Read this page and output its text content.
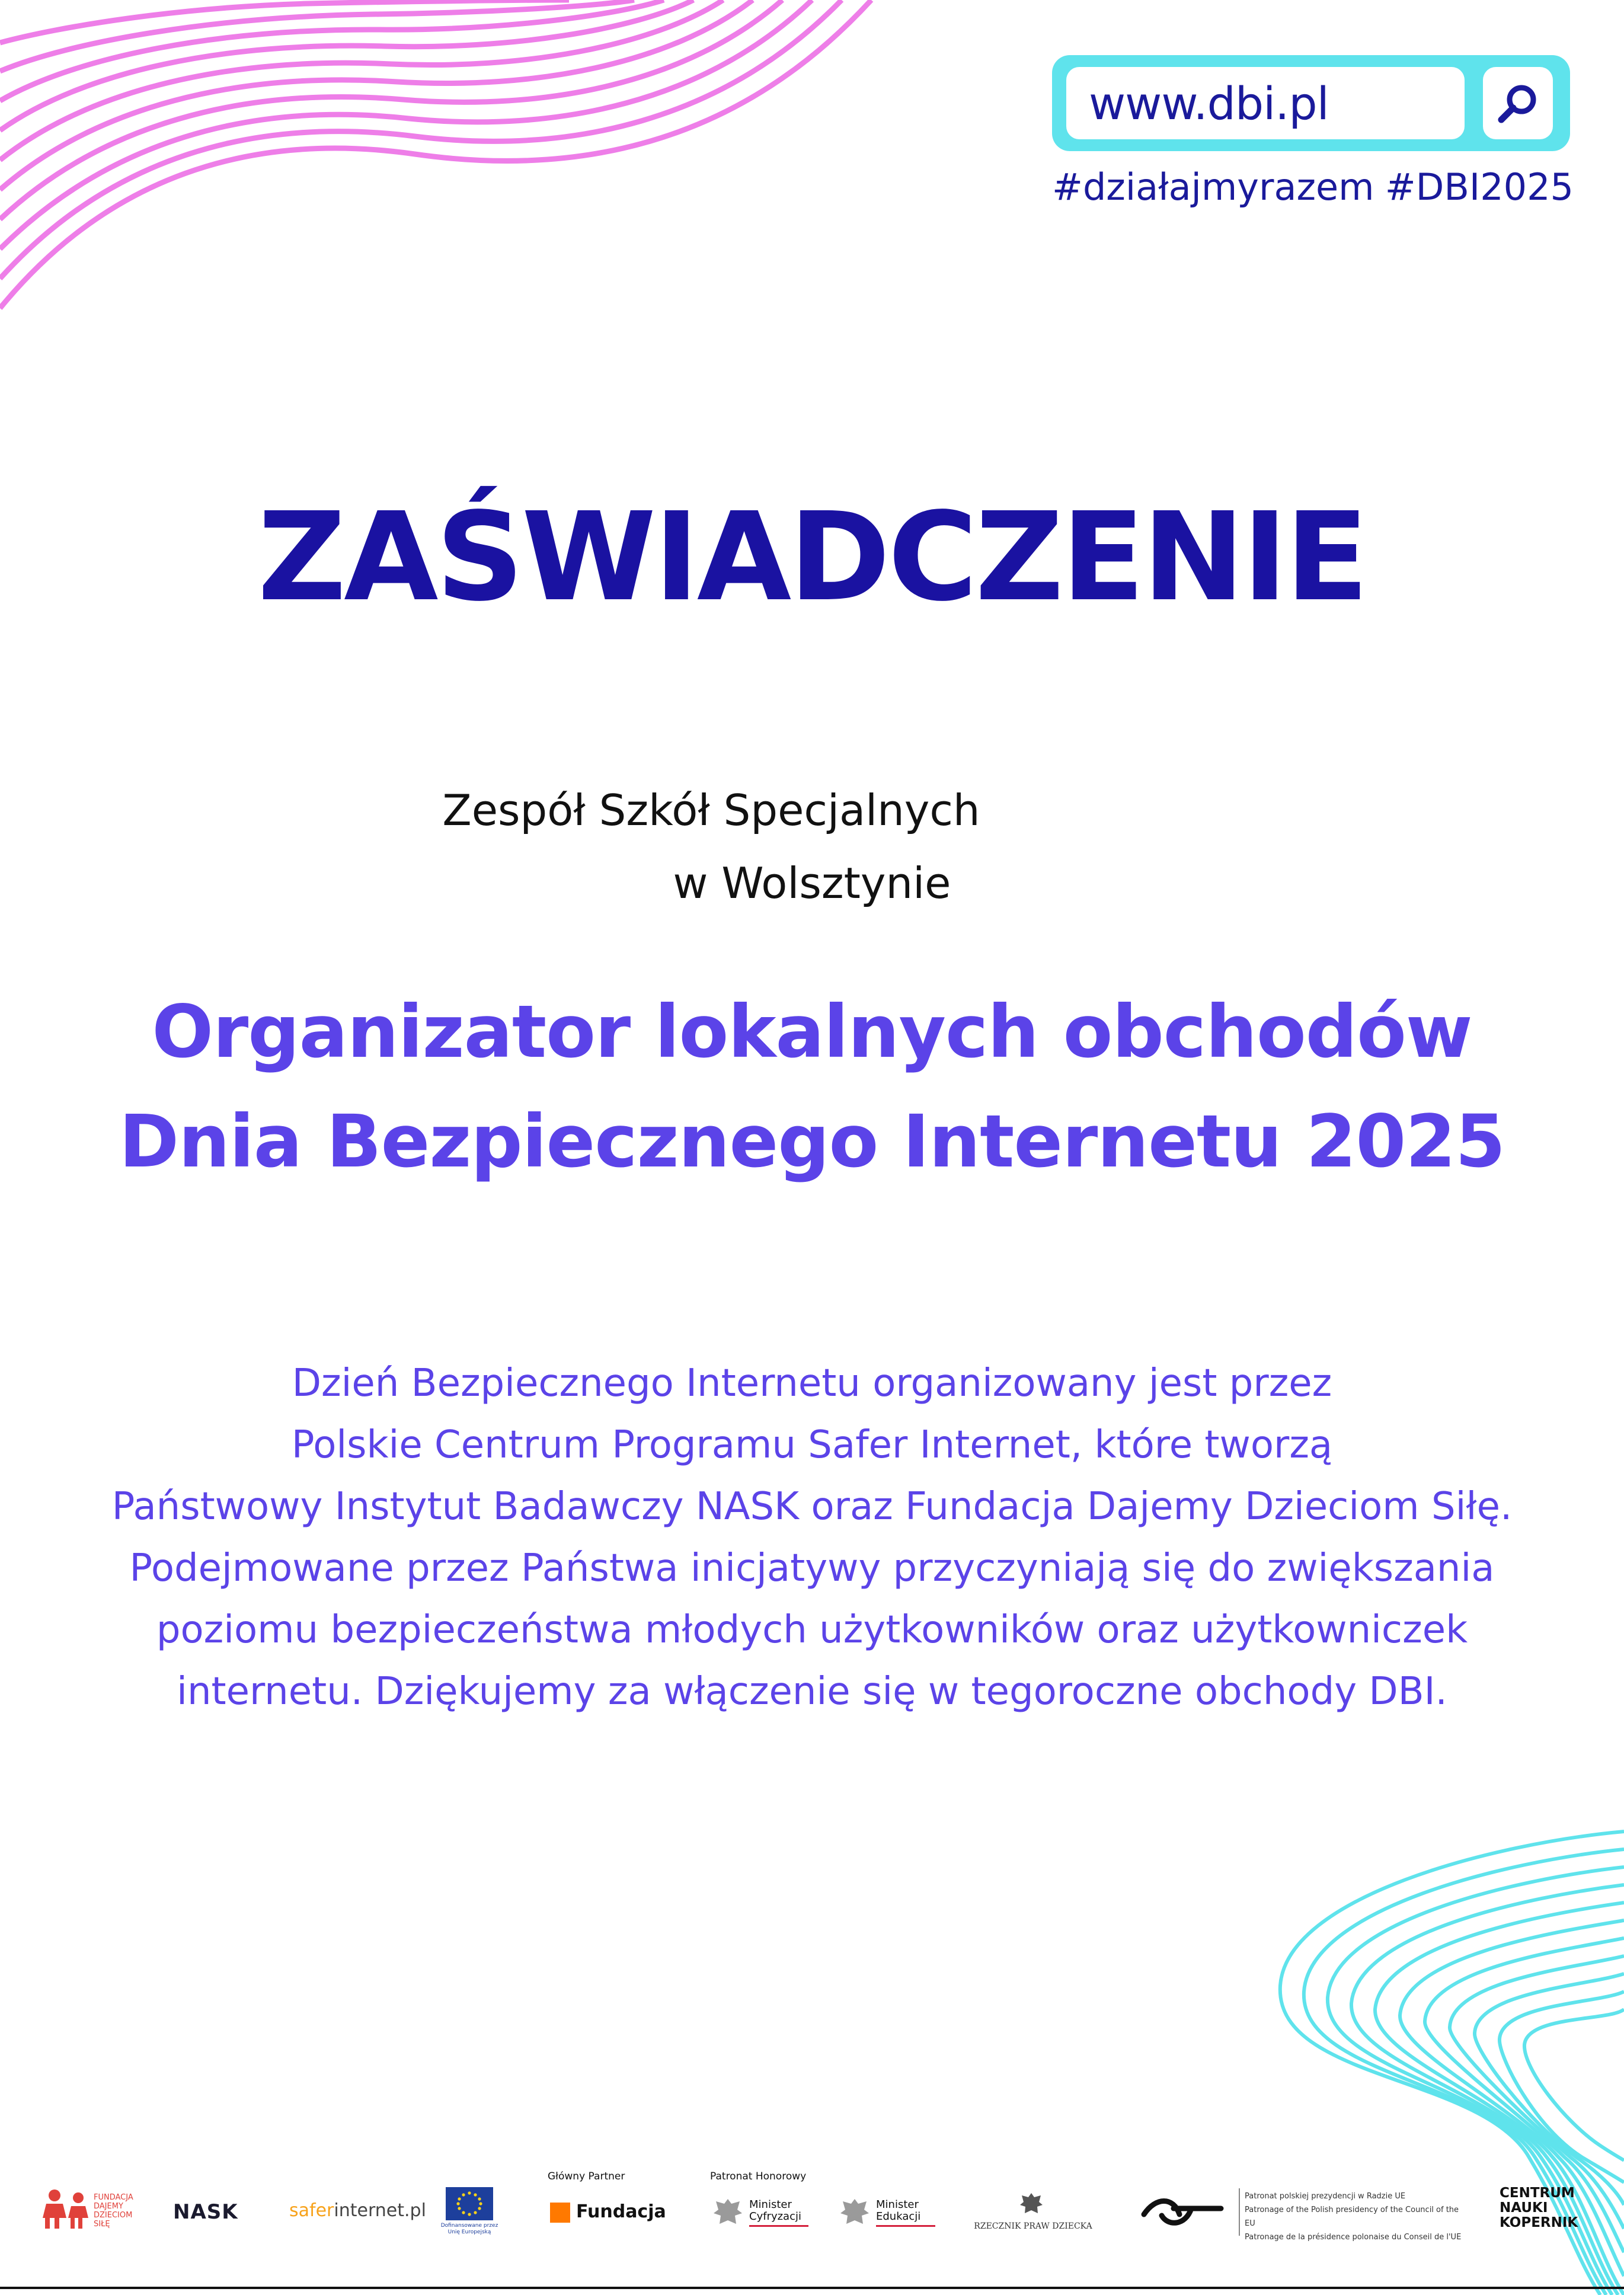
www.dbi.pl
#działajmyrazem #DBI2025
ZAŚWIADCZENIE
Zespół Szkół Specjalnych
w Wolsztynie
Organizator lokalnych obchodów
Dnia Bezpiecznego Internetu 2025
Dzień Bezpiecznego Internetu organizowany jest przez
Polskie Centrum Programu Safer Internet, które tworzą
Państwowy Instytut Badawczy NASK oraz Fundacja Dajemy Dzieciom Siłę.
Podejmowane przez Państwa inicjatywy przyczyniają się do zwiększania
poziomu bezpieczeństwa młodych użytkowników oraz użytkowniczek
internetu. Dziękujemy za włączenie się w tegoroczne obchody DBI.
FUNDACJA DAJEMY DZIECIOM SIŁĘ
NASK	saferinternet.pl
Dofinansowane przez Unię Europejską
Główny Partner
Fundacja
Patronat Honorowy
Minister Cyfryzacji
Minister Edukacji
RZECZNIK PRAW DZIECKA
Patronat polskiej prezydencji w Radzie UE
Patronage of the Polish presidency of the Council of the EU
Patronage de la présidence polonaise du Conseil de l'UE
CENTRUM
NAUKI
KOPERNIK
